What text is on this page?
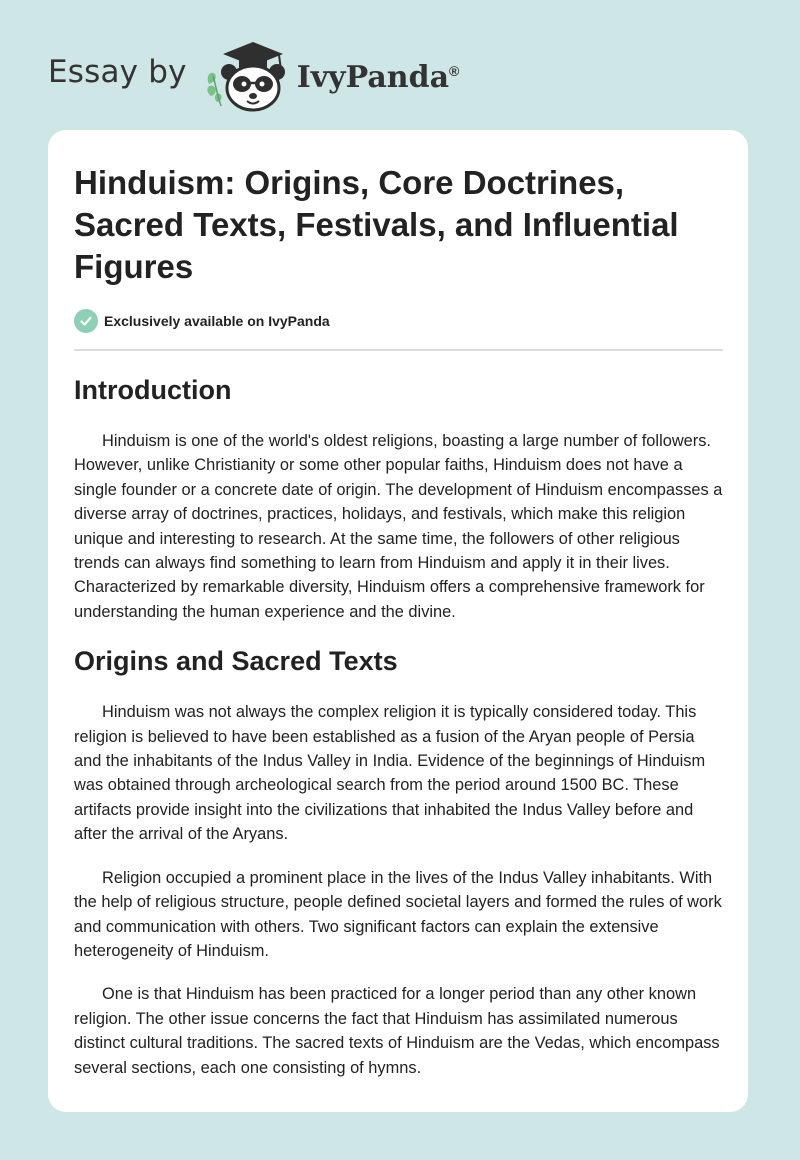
Essay by	IvyPanda®
Hinduism: Origins, Core Doctrines, Sacred Texts, Festivals, and Influential Figures
Exclusively available on IvyPanda
Introduction

Hinduism is one of the world's oldest religions, boasting a large number of followers. However, unlike Christianity or some other popular faiths, Hinduism does not have a single founder or a concrete date of origin. The development of Hinduism encompasses a diverse array of doctrines, practices, holidays, and festivals, which make this religion unique and interesting to research. At the same time, the followers of other religious trends can always find something to learn from Hinduism and apply it in their lives. Characterized by remarkable diversity, Hinduism offers a comprehensive framework for understanding the human experience and the divine.

Origins and Sacred Texts

Hinduism was not always the complex religion it is typically considered today. This religion is believed to have been established as a fusion of the Aryan people of Persia and the inhabitants of the Indus Valley in India. Evidence of the beginnings of Hinduism was obtained through archeological search from the period around 1500 BC. These artifacts provide insight into the civilizations that inhabited the Indus Valley before and after the arrival of the Aryans.

Religion occupied a prominent place in the lives of the Indus Valley inhabitants. With the help of religious structure, people defined societal layers and formed the rules of work and communication with others. Two significant factors can explain the extensive heterogeneity of Hinduism.

One is that Hinduism has been practiced for a longer period than any other known religion. The other issue concerns the fact that Hinduism has assimilated numerous distinct cultural traditions. The sacred texts of Hinduism are the Vedas, which encompass several sections, each one consisting of hymns.
